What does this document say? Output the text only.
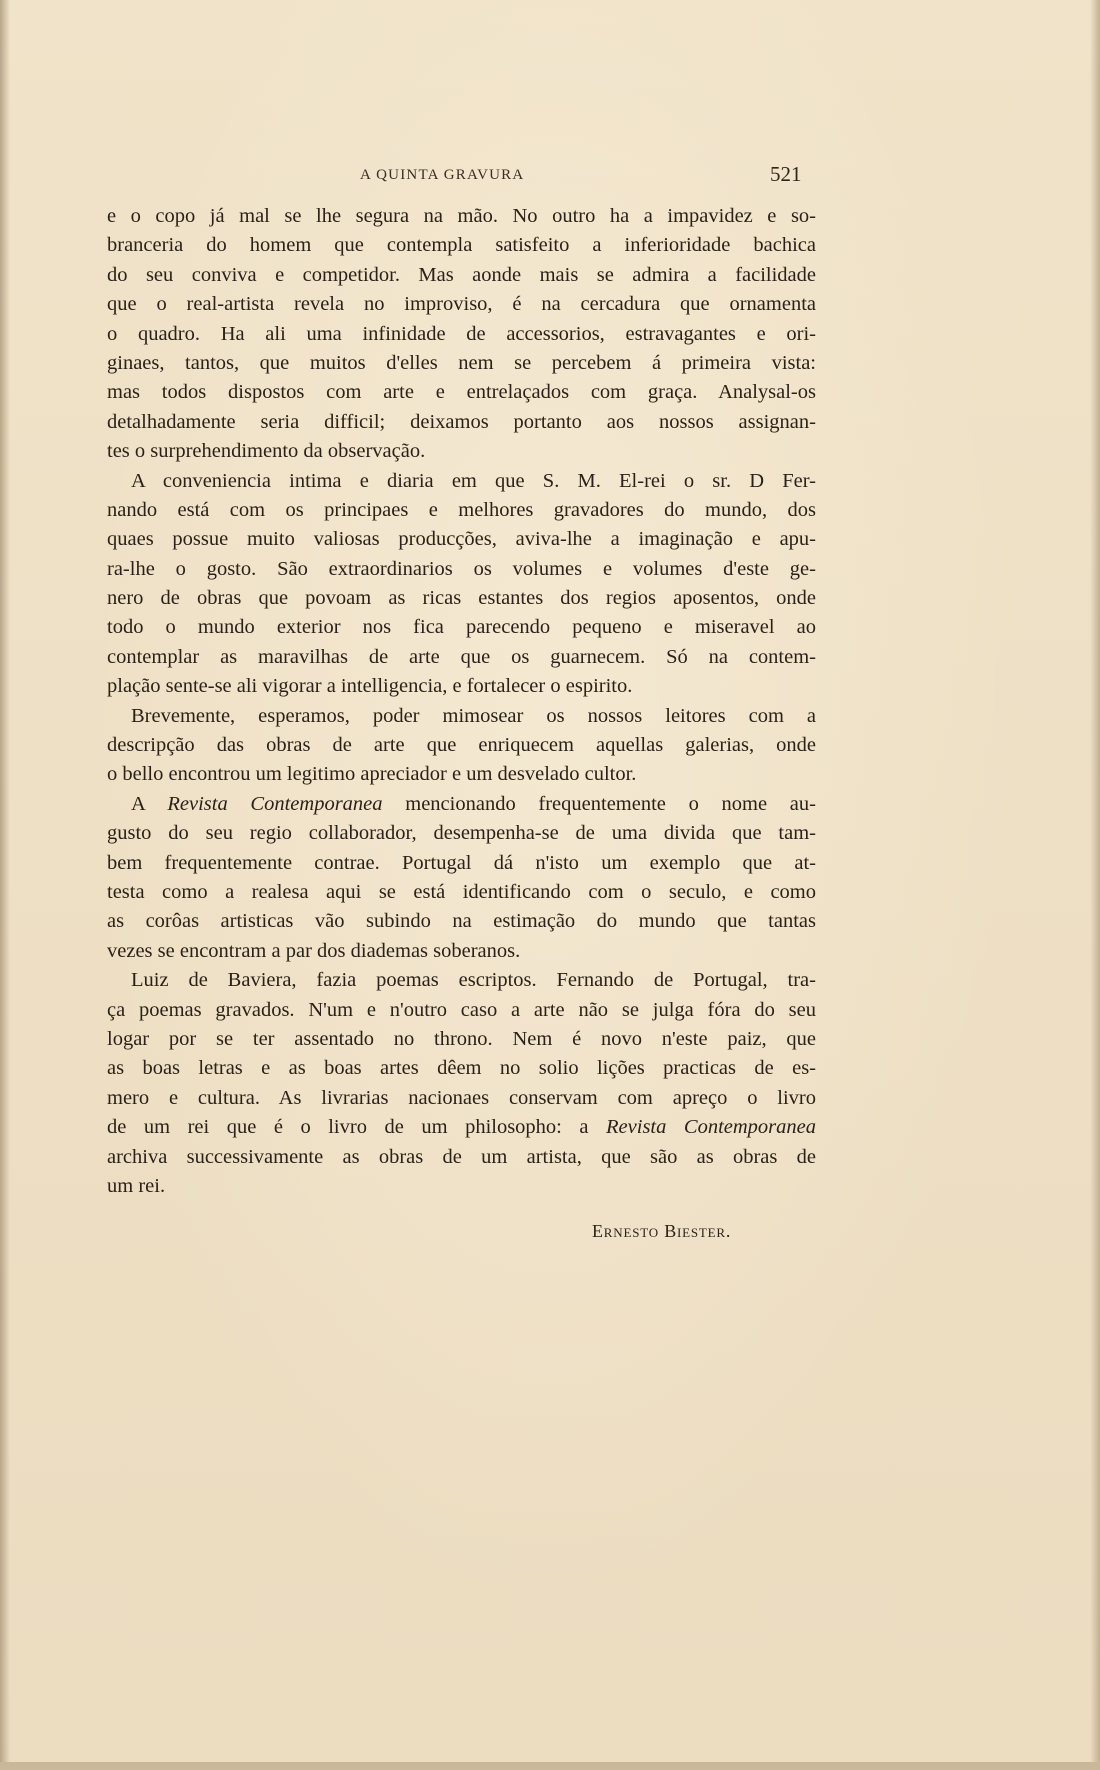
A QUINTA GRAVURA	521
e o copo já mal se lhe segura na mão. No outro ha a impavidez e so-
branceria do homem que contempla satisfeito a inferioridade bachica
do seu conviva e competidor. Mas aonde mais se admira a facilidade
que o real-artista revela no improviso, é na cercadura que ornamenta
o quadro. Ha ali uma infinidade de accessorios, estravagantes e ori-
ginaes, tantos, que muitos d'elles nem se percebem á primeira vista:
mas todos dispostos com arte e entrelaçados com graça. Analysal-os
detalhadamente seria difficil; deixamos portanto aos nossos assignan-
tes o surprehendimento da observação.
A conveniencia intima e diaria em que S. M. El-rei o sr. D Fer-
nando está com os principaes e melhores gravadores do mundo, dos
quaes possue muito valiosas producções, aviva-lhe a imaginação e apu-
ra-lhe o gosto. São extraordinarios os volumes e volumes d'este ge-
nero de obras que povoam as ricas estantes dos regios aposentos, onde
todo o mundo exterior nos fica parecendo pequeno e miseravel ao
contemplar as maravilhas de arte que os guarnecem. Só na contem-
plação sente-se ali vigorar a intelligencia, e fortalecer o espirito.
Brevemente, esperamos, poder mimosear os nossos leitores com a
descripção das obras de arte que enriquecem aquellas galerias, onde
o bello encontrou um legitimo apreciador e um desvelado cultor.
A Revista Contemporanea mencionando frequentemente o nome au-
gusto do seu regio collaborador, desempenha-se de uma divida que tam-
bem frequentemente contrae. Portugal dá n'isto um exemplo que at-
testa como a realesa aqui se está identificando com o seculo, e como
as corôas artisticas vão subindo na estimação do mundo que tantas
vezes se encontram a par dos diademas soberanos.
Luiz de Baviera, fazia poemas escriptos. Fernando de Portugal, tra-
ça poemas gravados. N'um e n'outro caso a arte não se julga fóra do seu
logar por se ter assentado no throno. Nem é novo n'este paiz, que
as boas letras e as boas artes dêem no solio lições practicas de es-
mero e cultura. As livrarias nacionaes conservam com apreço o livro
de um rei que é o livro de um philosopho: a Revista Contemporanea
archiva successivamente as obras de um artista, que são as obras de
um rei.
Ernesto Biester.
